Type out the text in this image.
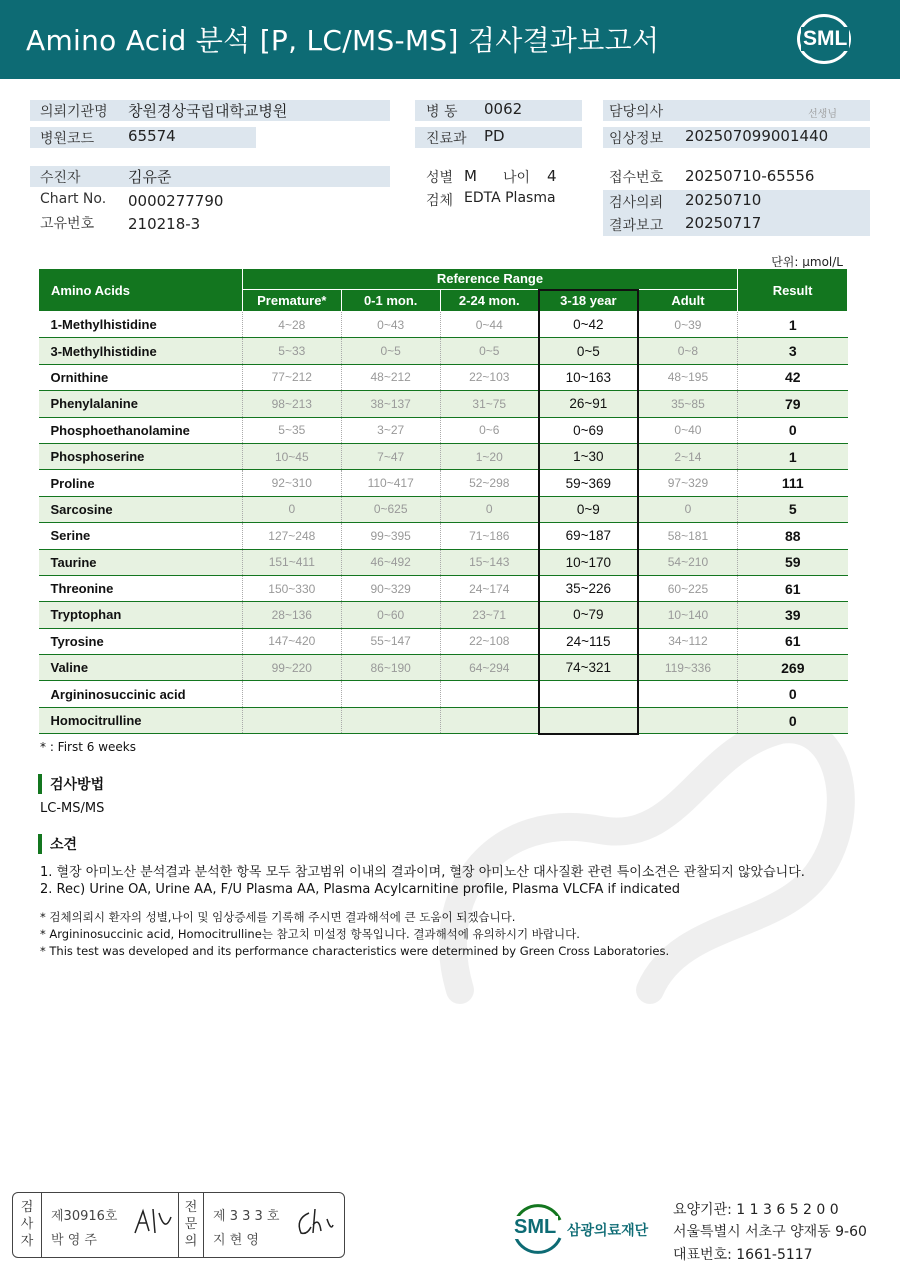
Amino Acid 분석 [P, LC/MS-MS] 검사결과보고서	SML
의뢰기관명 창원경상국립대학교병원
병원코드 65574
병 동 0062
진료과 PD
담당의사	선생님
임상정보 202507099001440
수진자	김유준
Chart No. 0000277790
고유번호 210218-3
성별 M 나이 4
검체 EDTA Plasma
접수번호 20250710-65556
검사의뢰 20250710
결과보고 20250717
단위: μmol/L
Amino Acids	Reference Range					Result
	Premature*	0-1 mon.	2-24 mon.	3-18 year	Adult	
1-Methylhistidine	4~28	0~43	0~44	0~42	0~39	1
3-Methylhistidine	5~33	0~5	0~5	0~5	0~8	3
Ornithine	77~212	48~212	22~103	10~163	48~195	42
Phenylalanine	98~213	38~137	31~75	26~91	35~85	79
Phosphoethanolamine	5~35	3~27	0~6	0~69	0~40	0
Phosphoserine	10~45	7~47	1~20	1~30	2~14	1
Proline	92~310	110~417	52~298	59~369	97~329	111
Sarcosine	0	0~625	0	0~9	0	5
Serine	127~248	99~395	71~186	69~187	58~181	88
Taurine	151~411	46~492	15~143	10~170	54~210	59
Threonine	150~330	90~329	24~174	35~226	60~225	61
Tryptophan	28~136	0~60	23~71	0~79	10~140	39
Tyrosine	147~420	55~147	22~108	24~115	34~112	61
Valine	99~220	86~190	64~294	74~321	119~336	269
Argininosuccinic acid						0
Homocitrulline						0
* : First 6 weeks
검사방법
LC-MS/MS
소견
1. 혈장 아미노산 분석결과 분석한 항목 모두 참고범위 이내의 결과이며, 혈장 아미노산 대사질환 관련 특이소견은 관찰되지 않았습니다.
2. Rec) Urine OA, Urine AA, F/U Plasma AA, Plasma Acylcarnitine profile, Plasma VLCFA if indicated
* 검체의뢰시 환자의 성별,나이 및 임상증세를 기록해 주시면 결과해석에 큰 도움이 되겠습니다.
* Argininosuccinic acid, Homocitrulline는 참고치 미설정 항목입니다. 결과해석에 유의하시기 바랍니다.
* This test was developed and its performance characteristics were determined by Green Cross Laboratories.
검
사
자
제30916호
박 영 주
전
문
의
제 3 3 3 호
지 현 영
SML 삼광의료재단
요양기관: 1 1 3 6 5 2 0 0
서울특별시 서초구 양재동 9-60
대표번호: 1661-5117
